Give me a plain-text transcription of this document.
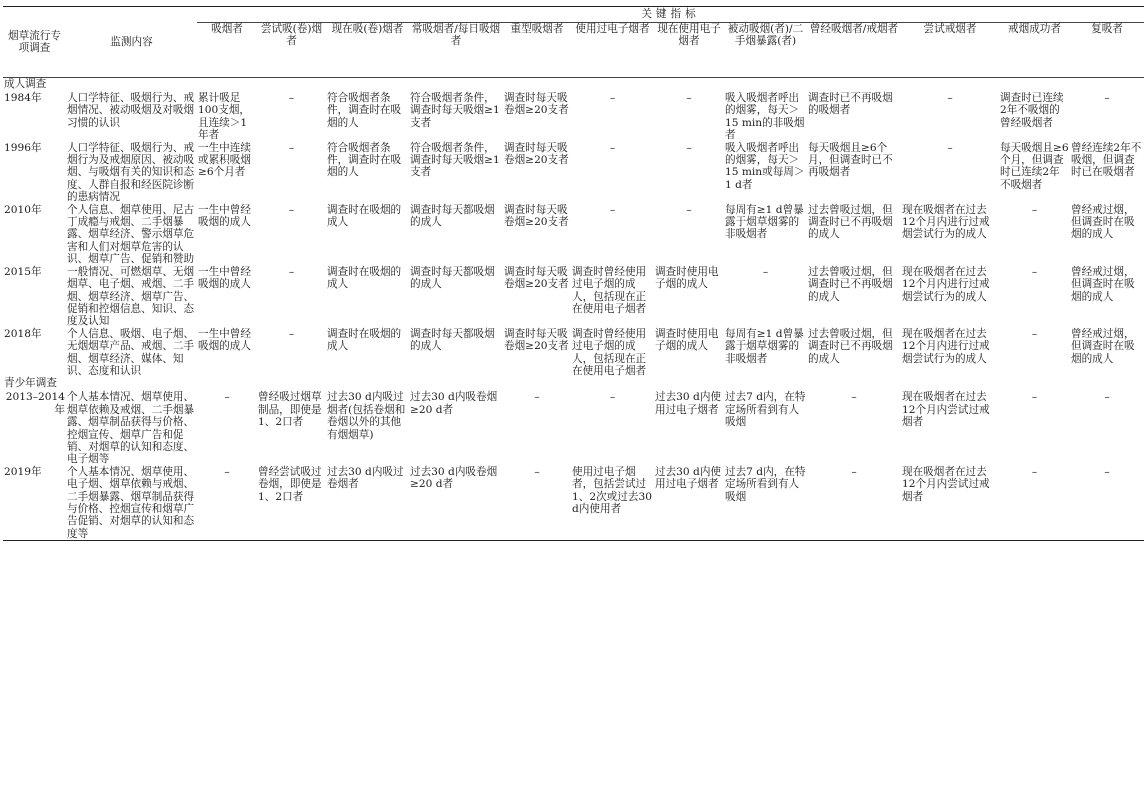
烟草流行专项调查	监测内容	关键指标											
		吸烟者	尝试吸(卷)烟者	现在吸(卷)烟者	常吸烟者/每日吸烟者	重型吸烟者	使用过电子烟者	现在使用电子烟者	被动吸烟(者)/二手烟暴露(者)	曾经吸烟者/戒烟者	尝试戒烟者	戒烟成功者	复吸者
成人调查													
1984年	人口学特征、吸烟行为、戒烟情况、被动吸烟及对吸烟习惯的认识	累计吸足100支烟，且连续＞1年者	–	符合吸烟者条件，调查时在吸烟的人	符合吸烟者条件，调查时每天吸烟≥1支者	调查时每天吸卷烟≥20支者	–	–	吸入吸烟者呼出的烟雾，每天＞15 min的非吸烟者	调查时已不再吸烟的吸烟者	–	调查时已连续2年不吸烟的曾经吸烟者	–
1996年	人口学特征、吸烟行为、戒烟行为及戒烟原因、被动吸烟、与吸烟有关的知识和态度、人群自报和经医院诊断的患病情况	一生中连续或累积吸烟≥6个月者	–	符合吸烟者条件，调查时在吸烟的人	符合吸烟者条件，调查时每天吸烟≥1支者	调查时每天吸卷烟≥20支者	–	–	吸入吸烟者呼出的烟雾，每天＞15 min或每周＞1 d者	每天吸烟且≥6个月，但调查时已不再吸烟者	–	每天吸烟且≥6个月，但调查时已连续2年不吸烟者	曾经连续2年不吸烟，但调查时已在吸烟者
2010年	个人信息、烟草使用、尼古丁成瘾与戒烟、二手烟暴露、烟草经济、警示烟草危害和人们对烟草危害的认识、烟草广告、促销和赞助	一生中曾经吸烟的成人	–	调查时在吸烟的成人	调查时每天都吸烟的成人	调查时每天吸卷烟≥20支者	–	–	每周有≥1 d曾暴露于烟草烟雾的非吸烟者	过去曾吸过烟，但调查时已不再吸烟的成人	现在吸烟者在过去12个月内进行过戒烟尝试行为的成人	–	曾经戒过烟，但调查时在吸烟的成人
2015年	一般情况、可燃烟草、无烟烟草、电子烟、戒烟、二手烟、烟草经济、烟草广告、促销和控烟信息、知识、态度及认知	一生中曾经吸烟的成人	–	调查时在吸烟的成人	调查时每天都吸烟的成人	调查时每天吸卷烟≥20支者	调查时曾经使用过电子烟的成人，包括现在正在使用电子烟者	调查时使用电子烟的成人	–	过去曾吸过烟，但调查时已不再吸烟的成人	现在吸烟者在过去12个月内进行过戒烟尝试行为的成人	–	曾经戒过烟，但调查时在吸烟的成人
2018年	个人信息、吸烟、电子烟、无烟烟草产品、戒烟、二手烟、烟草经济、媒体、知识、态度和认识	一生中曾经吸烟的成人	–	调查时在吸烟的成人	调查时每天都吸烟的成人	调查时每天吸卷烟≥20支者	调查时曾经使用过电子烟的成人，包括现在正在使用电子烟者	调查时使用电子烟的成人	每周有≥1 d曾暴露于烟草烟雾的非吸烟者	过去曾吸过烟，但调查时已不再吸烟的成人	现在吸烟者在过去12个月内进行过戒烟尝试行为的成人	–	曾经戒过烟，但调查时在吸烟的成人
青少年调查													
2013–2014年	个人基本情况、烟草使用、烟草依赖及戒烟、二手烟暴露、烟草制品获得与价格、控烟宣传、烟草广告和促销、对烟草的认知和态度、电子烟等	–	曾经吸过烟草制品，即使是1、2口者	过去30 d内吸过烟者(包括卷烟和卷烟以外的其他有烟烟草)	过去30 d内吸卷烟≥20 d者	–	–	过去30 d内使用过电子烟者	过去7 d内，在特定场所看到有人吸烟	–	现在吸烟者在过去12个月内尝试过戒烟者	–	–
2019年	个人基本情况、烟草使用、电子烟、烟草依赖与戒烟、二手烟暴露、烟草制品获得与价格、控烟宣传和烟草广告促销、对烟草的认知和态度等	–	曾经尝试吸过卷烟，即使是1、2口者	过去30 d内吸过卷烟者	过去30 d内吸卷烟≥20 d者	–	使用过电子烟者，包括尝试过1、2次或过去30 d内使用者	过去30 d内使用过电子烟者	过去7 d内，在特定场所看到有人吸烟	–	现在吸烟者在过去12个月内尝试过戒烟者	–	–
